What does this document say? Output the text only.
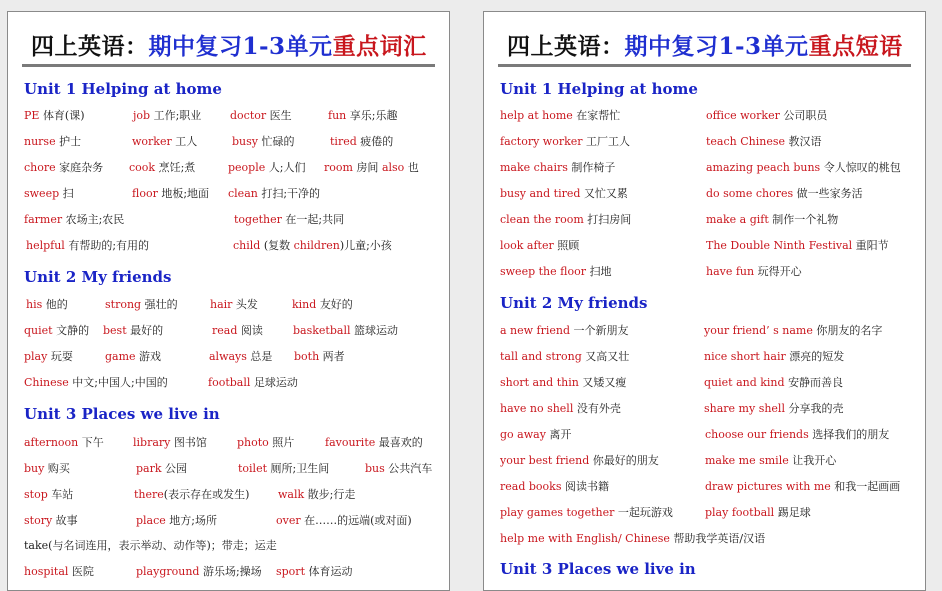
四上英语：期中复习1-3单元重点词汇
Unit 1 Helping at home
PE 体育(课)	job 工作;职业	doctor 医生	fun 享乐;乐趣
nurse 护士	worker 工人	busy 忙碌的	tired 疲倦的
chore 家庭杂务 cook 烹饪;煮	people 人;人们 room 房间 also 也
sweep 扫	floor 地板;地面 clean 打扫;干净的
farmer 农场主;农民	together 在一起;共同
helpful 有帮助的;有用的	child (复数 children)儿童;小孩
Unit 2 My friends
his 他的	strong 强壮的	hair 头发	kind 友好的
quiet 文静的 best 最好的	read 阅读	basketball 篮球运动
play 玩耍	game 游戏	always 总是 both 两者
Chinese 中文;中国人;中国的	football 足球运动
Unit 3 Places we live in
afternoon 下午	library 图书馆	photo 照片	favourite 最喜欢的
buy 购买	park 公园	toilet 厕所;卫生间	bus 公共汽车
stop 车站	there(表示存在或发生)	walk 散步;行走
story 故事	place 地方;场所	over 在……的远端(或对面)
take(与名词连用，表示举动、动作等)；带走；运走
hospital 医院	playground 游乐场;操场 sport 体育运动
四上英语：期中复习1-3单元重点短语
Unit 1 Helping at home
help at home 在家帮忙	office worker 公司职员
factory worker 工厂工人	teach Chinese 教汉语
make chairs 制作椅子	amazing peach buns 令人惊叹的桃包
busy and tired 又忙又累	do some chores 做一些家务活
clean the room 打扫房间	make a gift 制作一个礼物
look after 照顾	The Double Ninth Festival 重阳节
sweep the floor 扫地	have fun 玩得开心
Unit 2 My friends
a new friend 一个新朋友	your friend’ s name 你朋友的名字
tall and strong 又高又壮	nice short hair 漂亮的短发
short and thin 又矮又瘦	quiet and kind 安静而善良
have no shell 没有外壳	share my shell 分享我的壳
go away 离开	choose our friends 选择我们的朋友
your best friend 你最好的朋友	make me smile 让我开心
read books 阅读书籍	draw pictures with me 和我一起画画
play games together 一起玩游戏	play football 踢足球
help me with English/ Chinese 帮助我学英语/汉语
Unit 3 Places we live in
